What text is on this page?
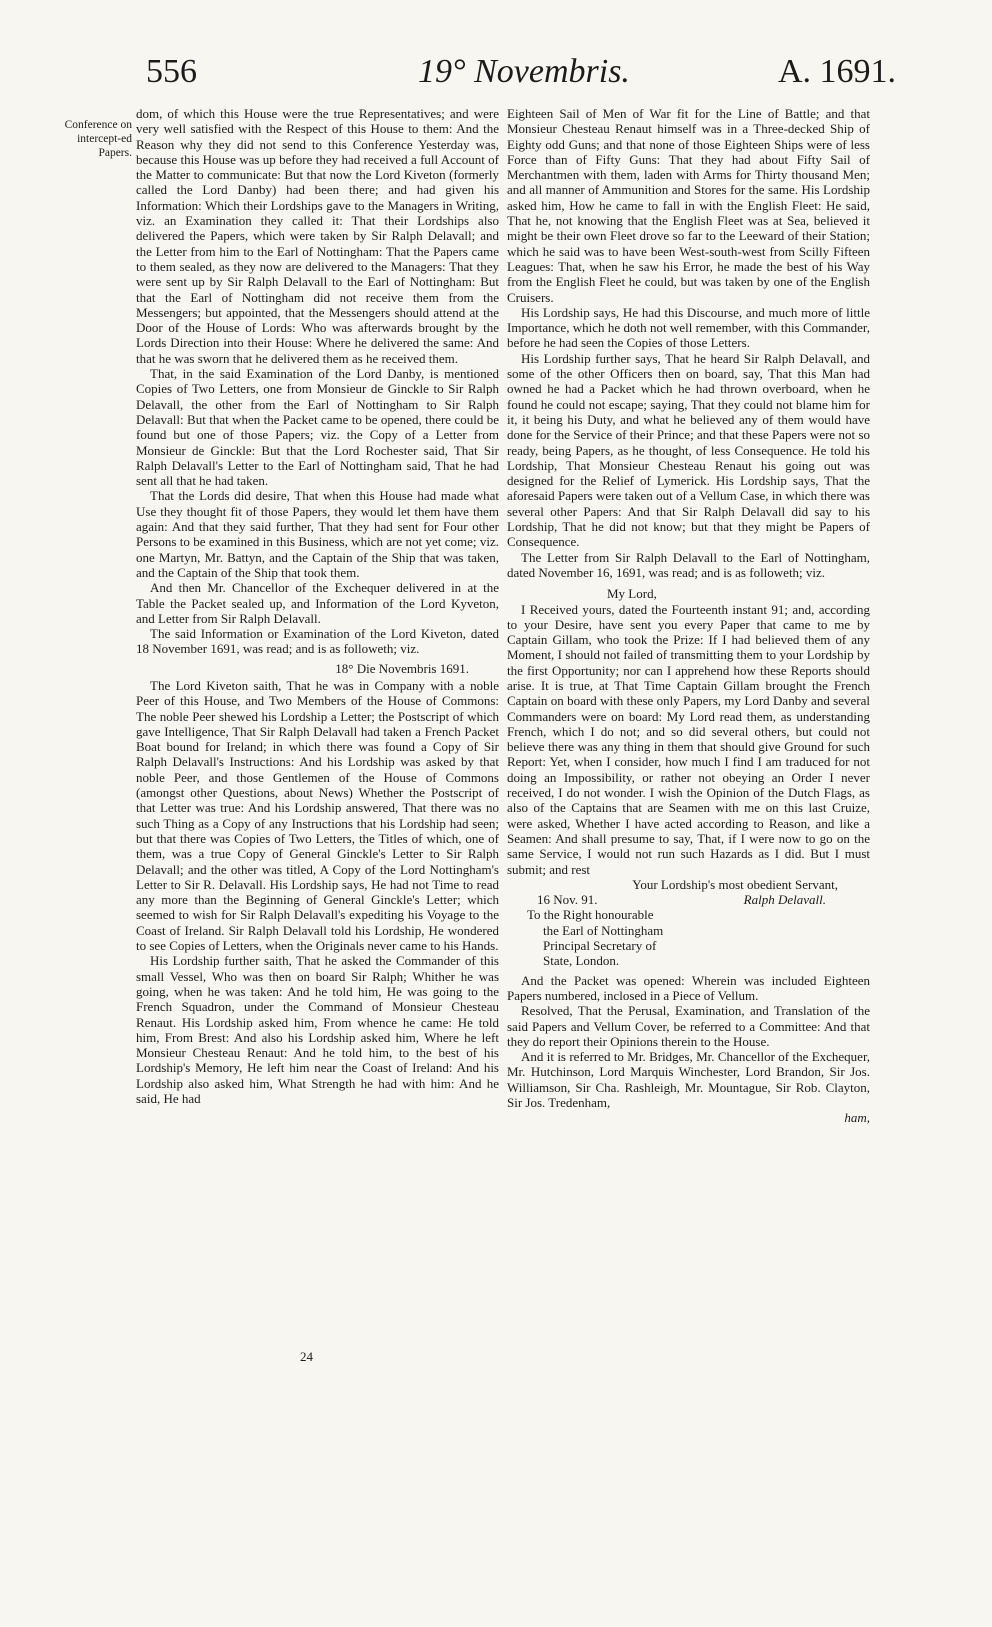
556	19° Novembris.	A. 1691.
Conference on intercept-ed Papers.

dom, of which this House were the true Representatives; and were very well satisfied with the Respect of this House to them: And the Reason why they did not send to this Conference Yesterday was, because this House was up before they had received a full Account of the Matter to communicate: But that now the Lord Kiveton (formerly called the Lord Danby) had been there; and had given his Information: Which their Lordships gave to the Managers in Writing, viz. an Examination they called it: That their Lordships also delivered the Papers, which were taken by Sir Ralph Delavall; and the Letter from him to the Earl of Nottingham: That the Papers came to them sealed, as they now are delivered to the Managers: That they were sent up by Sir Ralph Delavall to the Earl of Nottingham: But that the Earl of Nottingham did not receive them from the Messengers; but appointed, that the Messengers should attend at the Door of the House of Lords: Who was afterwards brought by the Lords Direction into their House: Where he delivered the same: And that he was sworn that he delivered them as he received them.

That, in the said Examination of the Lord Danby, is mentioned Copies of Two Letters, one from Monsieur de Ginckle to Sir Ralph Delavall, the other from the Earl of Nottingham to Sir Ralph Delavall: But that when the Packet came to be opened, there could be found but one of those Papers; viz. the Copy of a Letter from Monsieur de Ginckle: But that the Lord Rochester said, That Sir Ralph Delavall's Letter to the Earl of Nottingham said, That he had sent all that he had taken.

That the Lords did desire, That when this House had made what Use they thought fit of those Papers, they would let them have them again: And that they said further, That they had sent for Four other Persons to be examined in this Business, which are not yet come; viz. one Martyn, Mr. Battyn, and the Captain of the Ship that was taken, and the Captain of the Ship that took them.

And then Mr. Chancellor of the Exchequer delivered in at the Table the Packet sealed up, and Information of the Lord Kyveton, and Letter from Sir Ralph Delavall.

The said Information or Examination of the Lord Kiveton, dated 18 November 1691, was read; and is as followeth; viz.

18° Die Novembris 1691.

The Lord Kiveton saith, That he was in Company with a noble Peer of this House, and Two Members of the House of Commons: The noble Peer shewed his Lordship a Letter; the Postscript of which gave Intelligence, That Sir Ralph Delavall had taken a French Packet Boat bound for Ireland; in which there was found a Copy of Sir Ralph Delavall's Instructions: And his Lordship was asked by that noble Peer, and those Gentlemen of the House of Commons (amongst other Questions, about News) Whether the Postscript of that Letter was true: And his Lordship answered, That there was no such Thing as a Copy of any Instructions that his Lordship had seen; but that there was Copies of Two Letters, the Titles of which, one of them, was a true Copy of General Ginckle's Letter to Sir Ralph Delavall; and the other was titled, A Copy of the Lord Nottingham's Letter to Sir R. Delavall. His Lordship says, He had not Time to read any more than the Beginning of General Ginckle's Letter; which seemed to wish for Sir Ralph Delavall's expediting his Voyage to the Coast of Ireland. Sir Ralph Delavall told his Lordship, He wondered to see Copies of Letters, when the Originals never came to his Hands.

His Lordship further saith, That he asked the Commander of this small Vessel, Who was then on board Sir Ralph; Whither he was going, when he was taken: And he told him, He was going to the French Squadron, under the Command of Monsieur Chesteau Renaut. His Lordship asked him, From whence he came: He told him, From Brest: And also his Lordship asked him, Where he left Monsieur Chesteau Renaut: And he told him, to the best of his Lordship's Memory, He left him near the Coast of Ireland: And his Lordship also asked him, What Strength he had with him: And he said, He had

24

Eighteen Sail of Men of War fit for the Line of Battle; and that Monsieur Chesteau Renaut himself was in a Three-decked Ship of Eighty odd Guns; and that none of those Eighteen Ships were of less Force than of Fifty Guns: That they had about Fifty Sail of Merchantmen with them, laden with Arms for Thirty thousand Men; and all manner of Ammunition and Stores for the same. His Lordship asked him, How he came to fall in with the English Fleet: He said, That he, not knowing that the English Fleet was at Sea, believed it might be their own Fleet drove so far to the Leeward of their Station; which he said was to have been West-south-west from Scilly Fifteen Leagues: That, when he saw his Error, he made the best of his Way from the English Fleet he could, but was taken by one of the English Cruisers.

His Lordship says, He had this Discourse, and much more of little Importance, which he doth not well remember, with this Commander, before he had seen the Copies of those Letters.

His Lordship further says, That he heard Sir Ralph Delavall, and some of the other Officers then on board, say, That this Man had owned he had a Packet which he had thrown overboard, when he found he could not escape; saying, That they could not blame him for it, it being his Duty, and what he believed any of them would have done for the Service of their Prince; and that these Papers were not so ready, being Papers, as he thought, of less Consequence. He told his Lordship, That Monsieur Chesteau Renaut his going out was designed for the Relief of Lymerick. His Lordship says, That the aforesaid Papers were taken out of a Vellum Case, in which there was several other Papers: And that Sir Ralph Delavall did say to his Lordship, That he did not know; but that they might be Papers of Consequence.

The Letter from Sir Ralph Delavall to the Earl of Nottingham, dated November 16, 1691, was read; and is as followeth; viz.

My Lord,

I Received yours, dated the Fourteenth instant 91; and, according to your Desire, have sent you every Paper that came to me by Captain Gillam, who took the Prize: If I had believed them of any Moment, I should not failed of transmitting them to your Lordship by the first Opportunity; nor can I apprehend how these Reports should arise. It is true, at That Time Captain Gillam brought the French Captain on board with these only Papers, my Lord Danby and several Commanders were on board: My Lord read them, as understanding French, which I do not; and so did several others, but could not believe there was any thing in them that should give Ground for such Report: Yet, when I consider, how much I find I am traduced for not doing an Impossibility, or rather not obeying an Order I never received, I do not wonder. I wish the Opinion of the Dutch Flags, as also of the Captains that are Seamen with me on this last Cruize, were asked, Whether I have acted according to Reason, and like a Seamen: And shall presume to say, That, if I were now to go on the same Service, I would not run such Hazards as I did. But I must submit; and rest

Your Lordship's most obedient Servant,

16 Nov. 91.	Ralph Delavall.

To the Right honourable

the Earl of Nottingham

Principal Secretary of

State, London.

And the Packet was opened: Wherein was included Eighteen Papers numbered, inclosed in a Piece of Vellum.

Resolved, That the Perusal, Examination, and Translation of the said Papers and Vellum Cover, be referred to a Committee: And that they do report their Opinions therein to the House.

And it is referred to Mr. Bridges, Mr. Chancellor of the Exchequer, Mr. Hutchinson, Lord Marquis Winchester, Lord Brandon, Sir Jos. Williamson, Sir Cha. Rashleigh, Mr. Mountague, Sir Rob. Clayton, Sir Jos. Tredenham,

ham,
